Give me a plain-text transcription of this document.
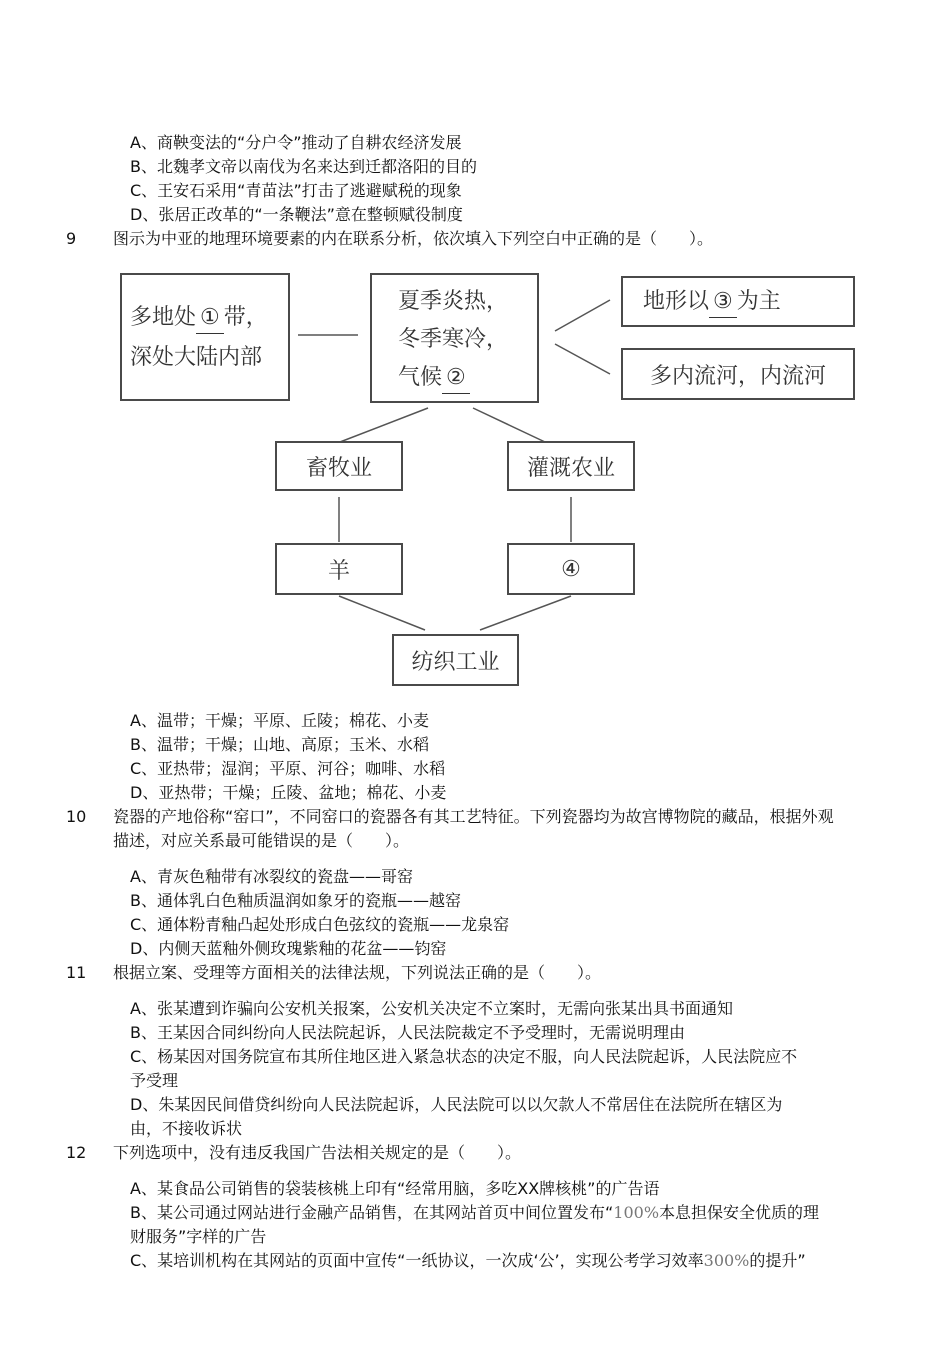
A、商鞅变法的“分户令”推动了自耕农经济发展
B、北魏孝文帝以南伐为名来达到迁都洛阳的目的
C、王安石采用“青苗法”打击了逃避赋税的现象
D、张居正改革的“一条鞭法”意在整顿赋役制度
9 图示为中亚的地理环境要素的内在联系分析，依次填入下列空白中正确的是（　　）。
多地处 ① 带，
深处大陆内部
夏季炎热，
冬季寒冷，
气候 ②
地形以 ③ 为主
多内流河，内流河
畜牧业	灌溉农业
羊	④
纺织工业
A、温带；干燥；平原、丘陵；棉花、小麦
B、温带；干燥；山地、高原；玉米、水稻
C、亚热带；湿润；平原、河谷；咖啡、水稻
D、亚热带；干燥；丘陵、盆地；棉花、小麦
10 瓷器的产地俗称“窑口”，不同窑口的瓷器各有其工艺特征。下列瓷器均为故宫博物院的藏品，根据外观
描述，对应关系最可能错误的是（　　）。
A、青灰色釉带有冰裂纹的瓷盘——哥窑
B、通体乳白色釉质温润如象牙的瓷瓶——越窑
C、通体粉青釉凸起处形成白色弦纹的瓷瓶——龙泉窑
D、内侧天蓝釉外侧玫瑰紫釉的花盆——钧窑
11 根据立案、受理等方面相关的法律法规，下列说法正确的是（　　）。
A、张某遭到诈骗向公安机关报案，公安机关决定不立案时，无需向张某出具书面通知
B、王某因合同纠纷向人民法院起诉，人民法院裁定不予受理时，无需说明理由
C、杨某因对国务院宣布其所住地区进入紧急状态的决定不服，向人民法院起诉，人民法院应不
予受理
D、朱某因民间借贷纠纷向人民法院起诉，人民法院可以以欠款人不常居住在法院所在辖区为
由，不接收诉状
12 下列选项中，没有违反我国广告法相关规定的是（　　）。
A、某食品公司销售的袋装核桃上印有“经常用脑，多吃XX牌核桃”的广告语
B、某公司通过网站进行金融产品销售，在其网站首页中间位置发布“100%本息担保安全优质的理
财服务”字样的广告
C、某培训机构在其网站的页面中宣传“一纸协议，一次成‘公’，实现公考学习效率300%的提升”
